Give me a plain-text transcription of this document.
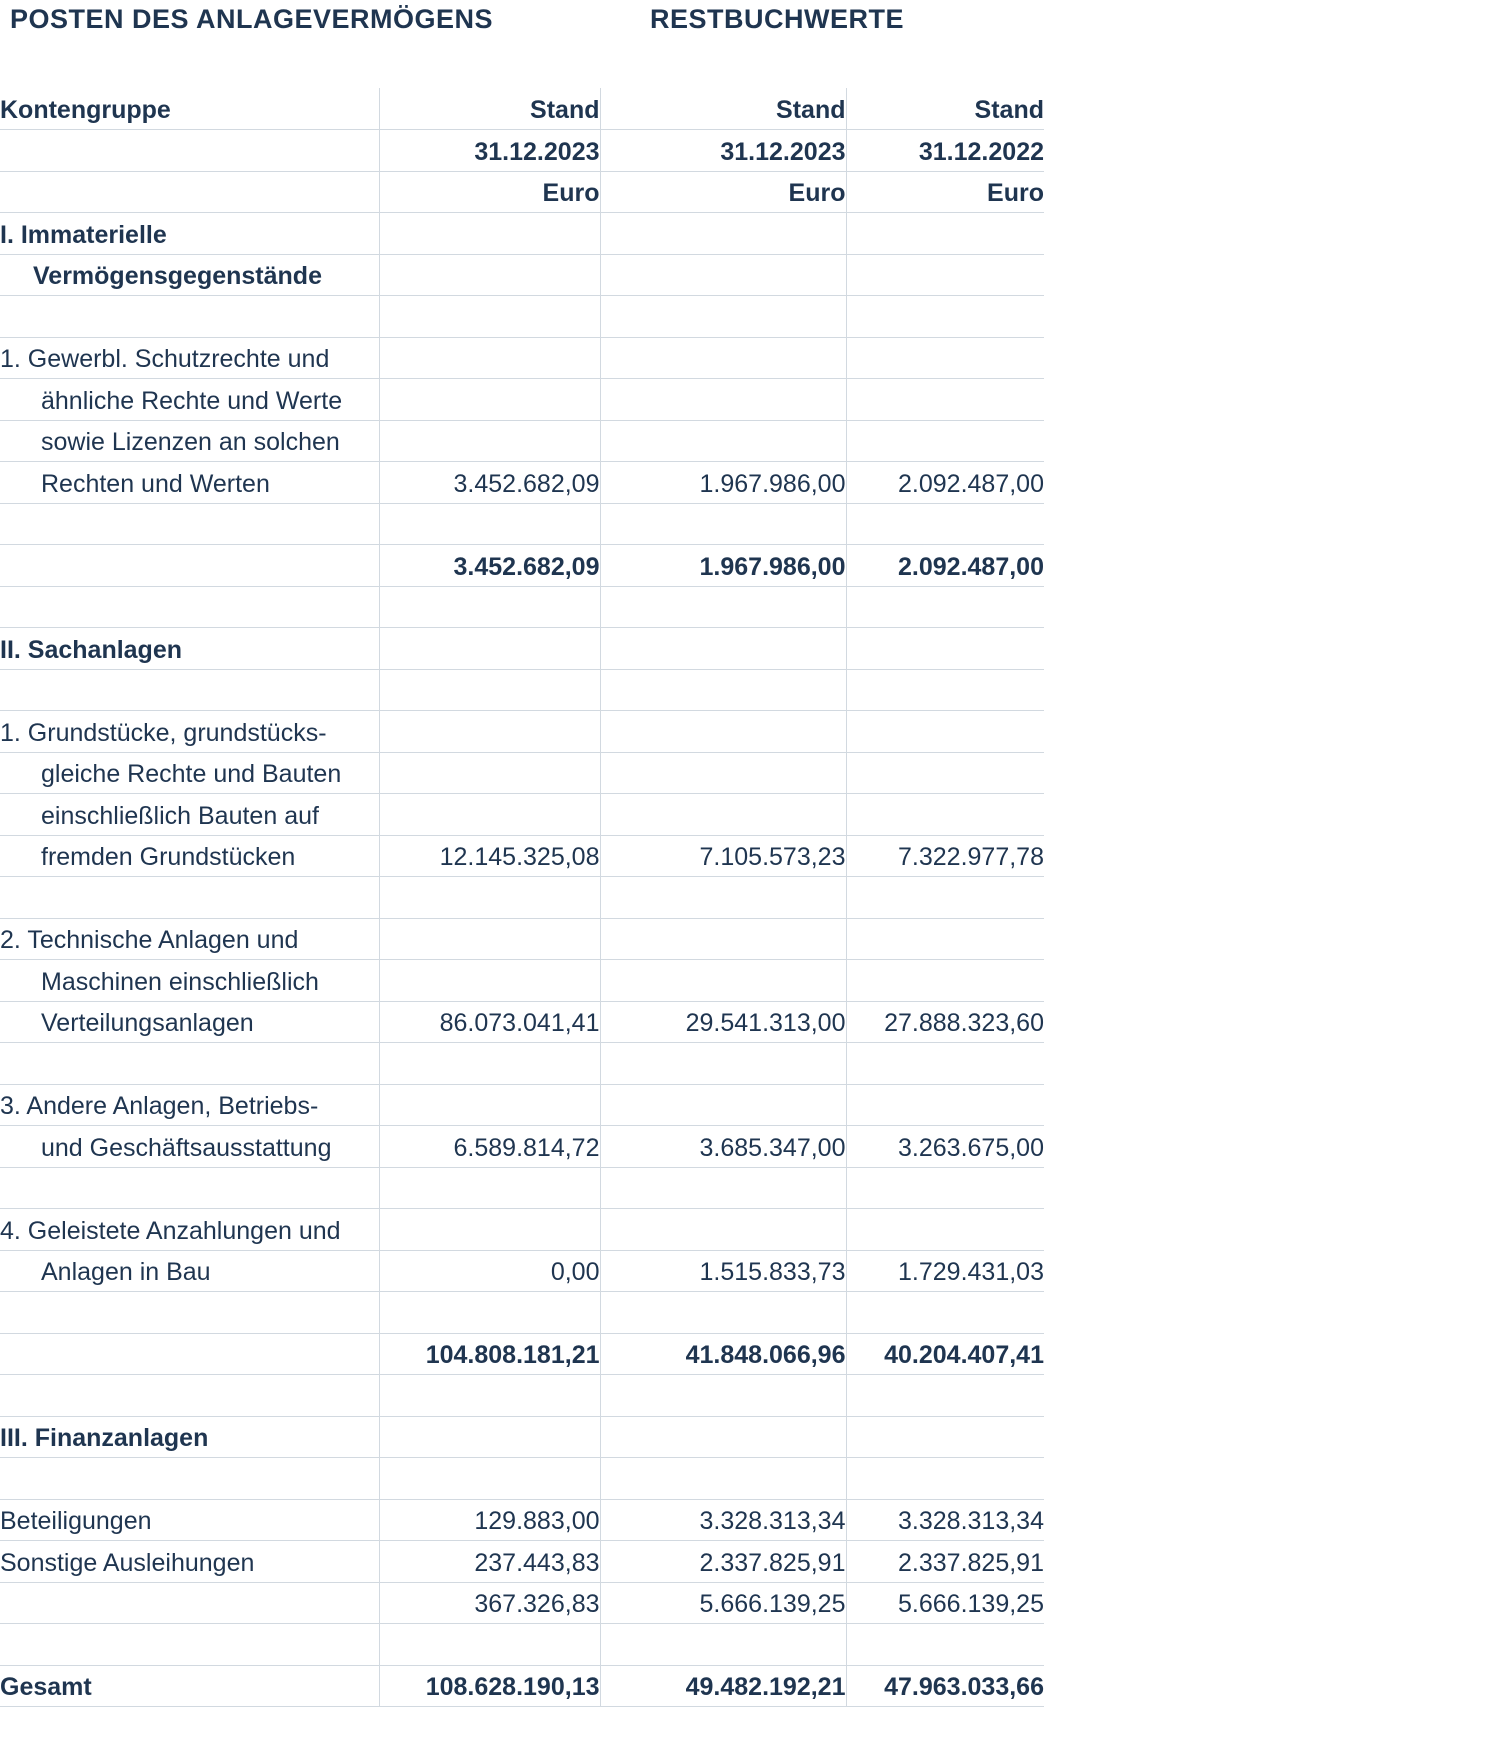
POSTEN DES ANLAGEVERMÖGENS	RESTBUCHWERTE
Kontengruppe	Stand	Stand	Stand
	31.12.2023	31.12.2023	31.12.2022
	Euro	Euro	Euro
I. Immaterielle			
Vermögensgegenstände			

1. Gewerbl. Schutzrechte und			
ähnliche Rechte und Werte			
sowie Lizenzen an solchen			
Rechten und Werten	3.452.682,09	1.967.986,00	2.092.487,00

	3.452.682,09	1.967.986,00	2.092.487,00

II. Sachanlagen			

1. Grundstücke, grundstücks-			
gleiche Rechte und Bauten			
einschließlich Bauten auf			
fremden Grundstücken	12.145.325,08	7.105.573,23	7.322.977,78

2. Technische Anlagen und			
Maschinen einschließlich			
Verteilungsanlagen	86.073.041,41	29.541.313,00	27.888.323,60

3. Andere Anlagen, Betriebs-			
und Geschäftsausstattung	6.589.814,72	3.685.347,00	3.263.675,00

4. Geleistete Anzahlungen und			
Anlagen in Bau	0,00	1.515.833,73	1.729.431,03

	104.808.181,21	41.848.066,96	40.204.407,41

III. Finanzanlagen			

Beteiligungen	129.883,00	3.328.313,34	3.328.313,34
Sonstige Ausleihungen	237.443,83	2.337.825,91	2.337.825,91
	367.326,83	5.666.139,25	5.666.139,25

Gesamt	108.628.190,13	49.482.192,21	47.963.033,66
